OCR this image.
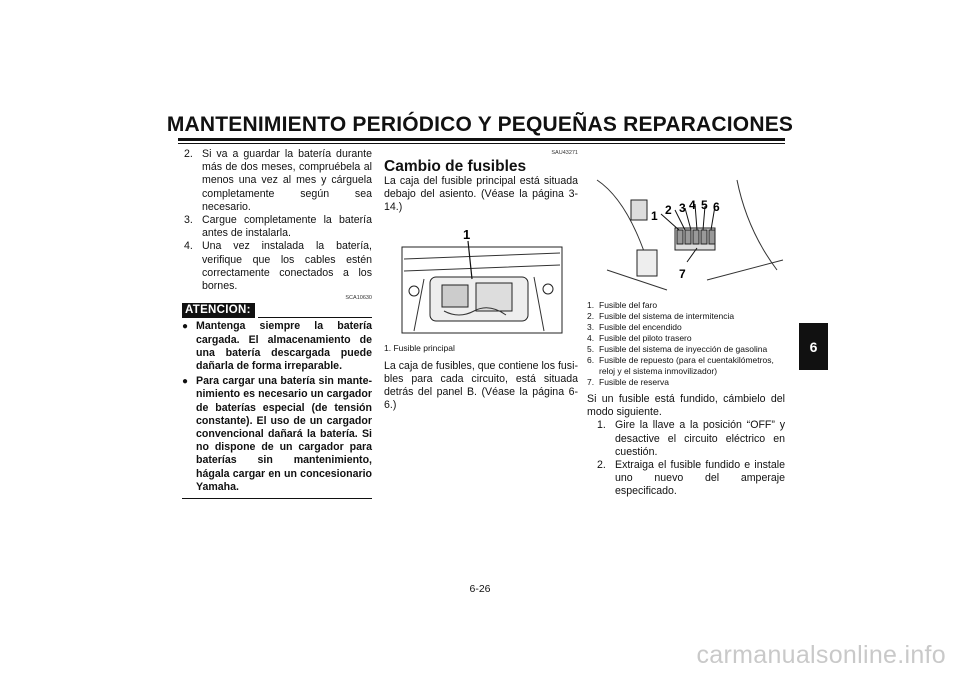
MANTENIMIENTO PERIÓDICO Y PEQUEÑAS REPARACIONES
6
2. Si va a guardar la batería durante más de dos meses, compruébela al menos una vez al mes y cárguela completamente según sea necesario.
3. Cargue completamente la batería antes de instalarla.
4. Una vez instalada la batería, verifique que los cables estén correctamente conectados a los bornes.
SCA10630
ATENCION:
● Mantenga siempre la batería cargada. El almacenamiento de una batería descargada puede dañarla de forma irreparable.
● Para cargar una batería sin mantenimiento es necesario un cargador de baterías especial (de tensión constante). El uso de un cargador convencional dañará la batería. Si no dispone de un cargador para baterías sin mantenimiento, hágala cargar en un concesionario Yamaha.
SAU43271
Cambio de fusibles
La caja del fusible principal está situada debajo del asiento. (Véase la página 3-14.)
1
1. Fusible principal
La caja de fusibles, que contiene los fusibles para cada circuito, está situada detrás del panel B. (Véase la página 6-6.)
1 2 3 4 5 6
7
1. Fusible del faro
2. Fusible del sistema de intermitencia
3. Fusible del encendido
4. Fusible del piloto trasero
5. Fusible del sistema de inyección de gasolina
6. Fusible de repuesto (para el cuentakilómetros, reloj y el sistema inmovilizador)
7. Fusible de reserva
Si un fusible está fundido, cámbielo del modo siguiente.
1. Gire la llave a la posición “OFF” y desactive el circuito eléctrico en cuestión.
2. Extraiga el fusible fundido e instale uno nuevo del amperaje especificado.
6-26
carmanualsonline.info
